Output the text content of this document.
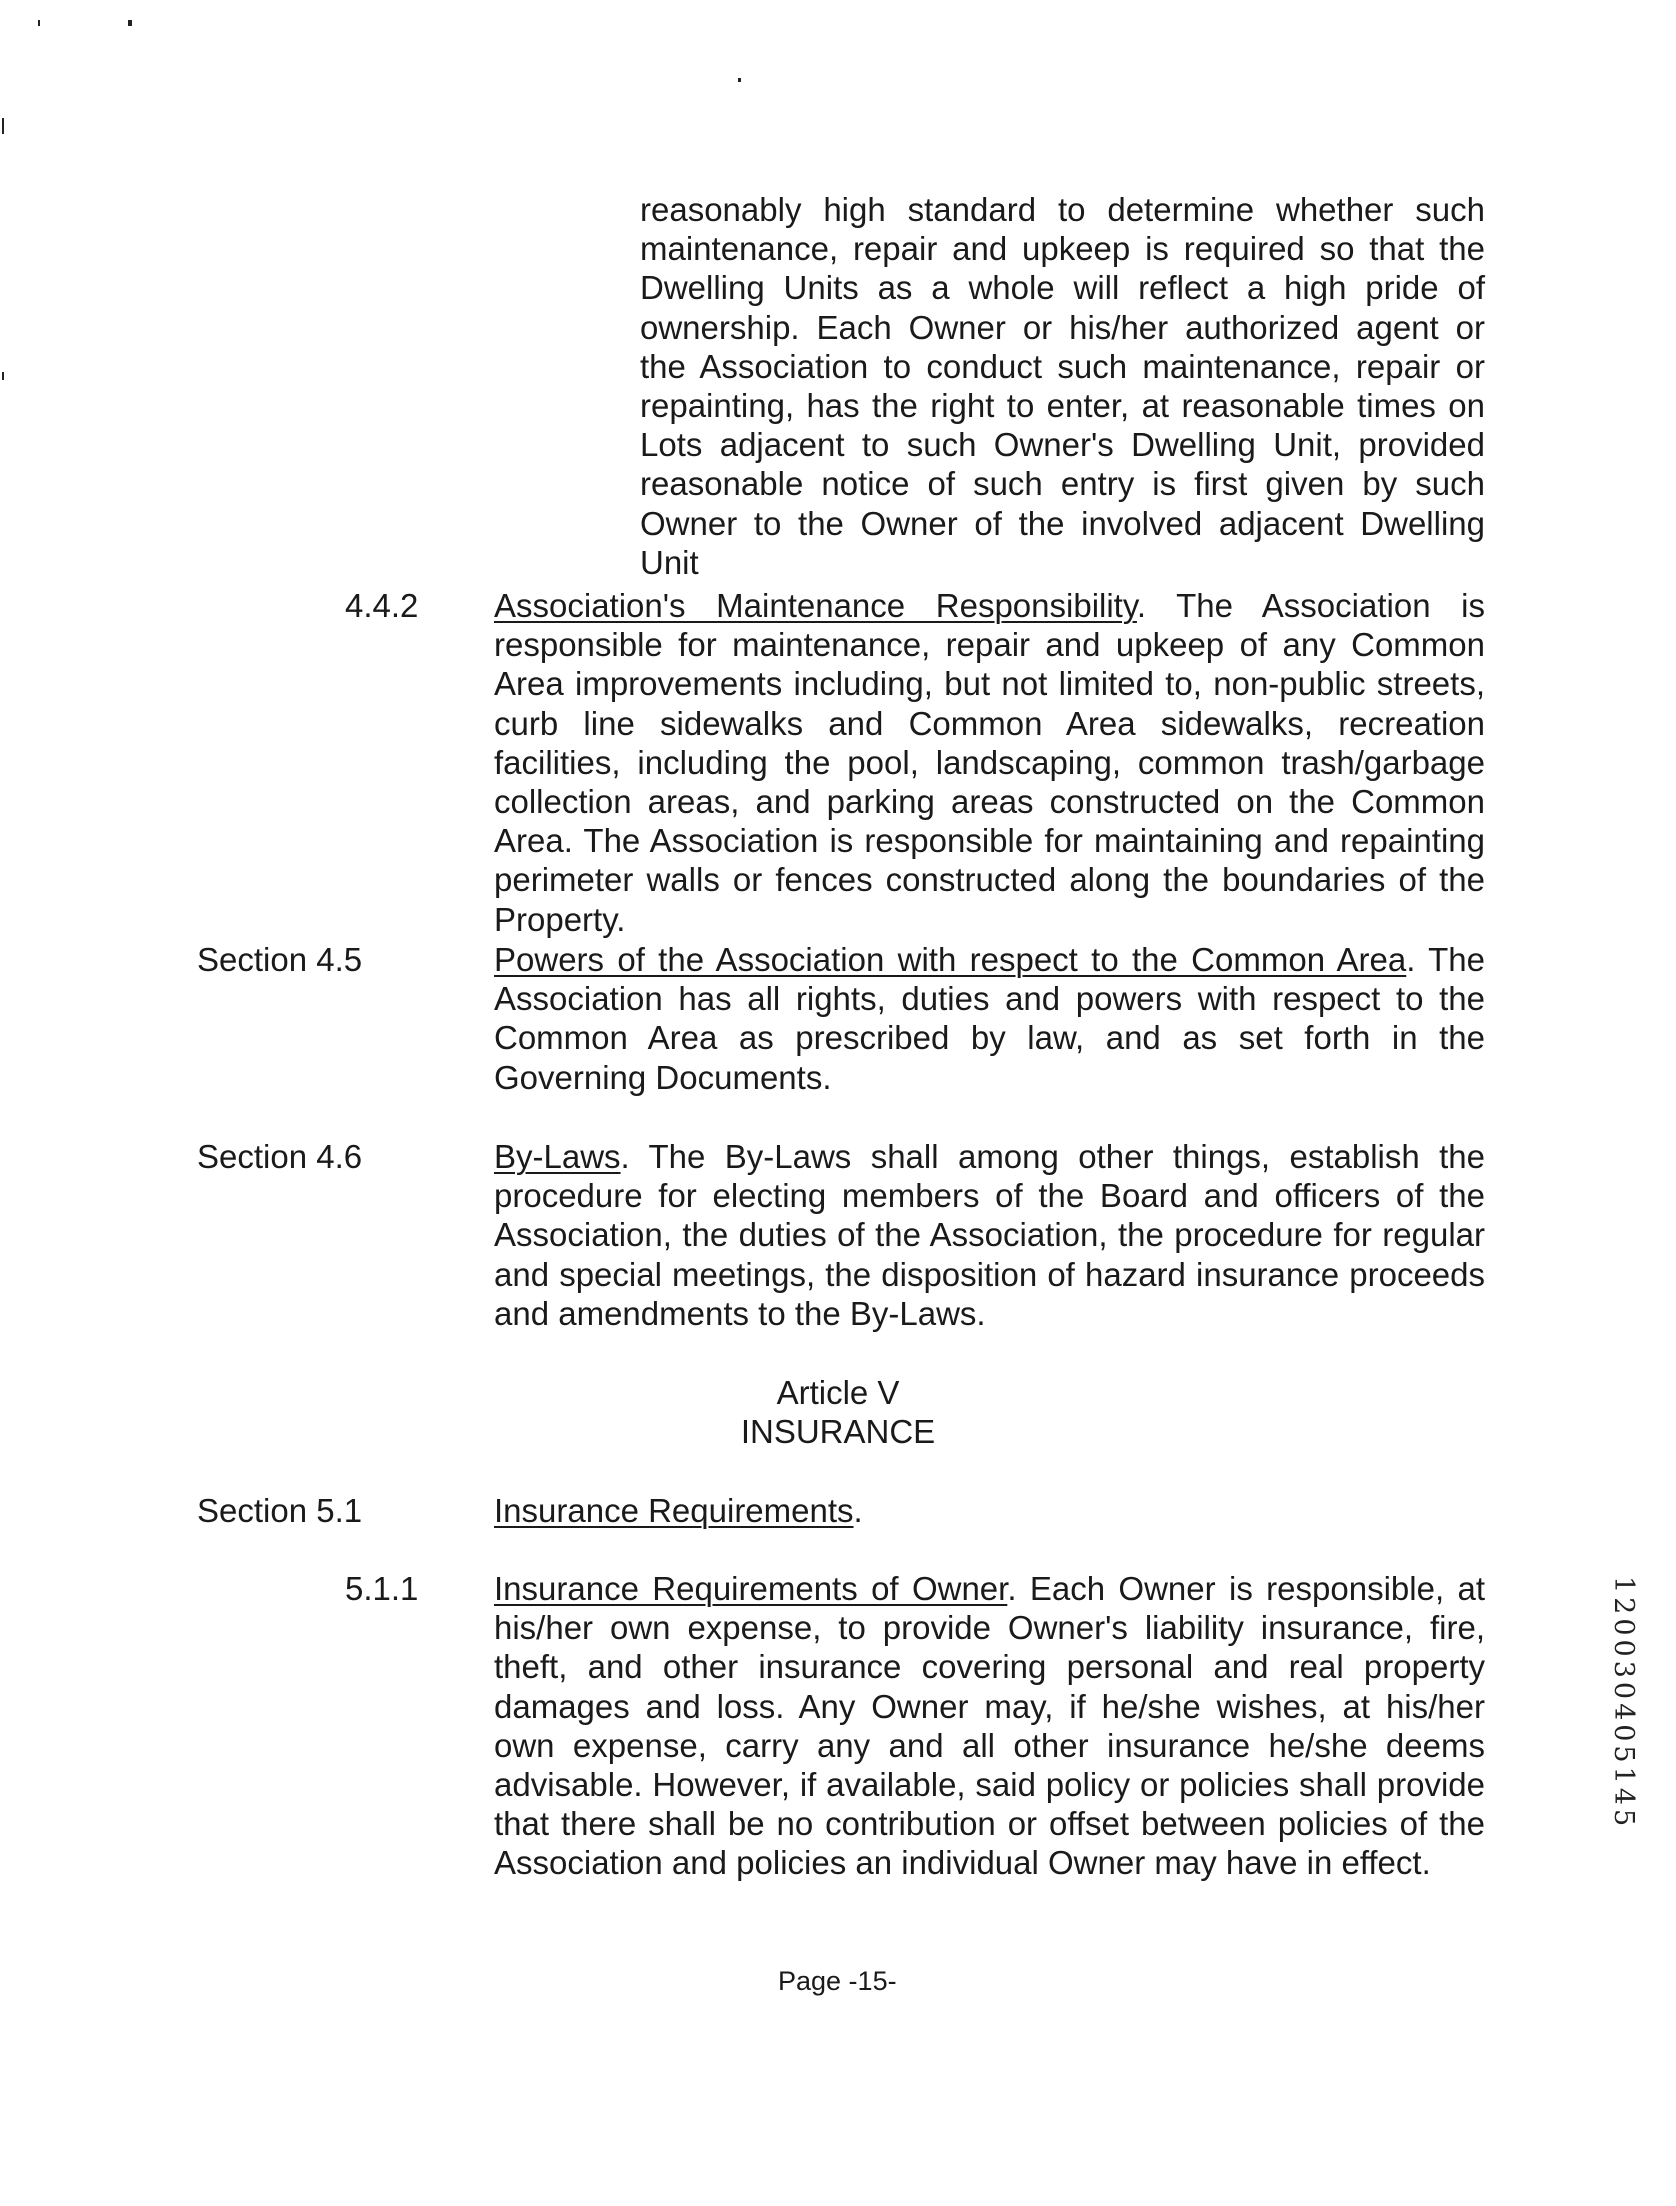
reasonably high standard to determine whether such maintenance, repair and upkeep is required so that the Dwelling Units as a whole will reflect a high pride of ownership. Each Owner or his/her authorized agent or the Association to conduct such maintenance, repair or repainting, has the right to enter, at reasonable times on Lots adjacent to such Owner's Dwelling Unit, provided reasonable notice of such entry is first given by such Owner to the Owner of the involved adjacent Dwelling Unit

4.4.2 Association's Maintenance Responsibility. The Association is responsible for maintenance, repair and upkeep of any Common Area improvements including, but not limited to, non-public streets, curb line sidewalks and Common Area sidewalks, recreation facilities, including the pool, landscaping, common trash/garbage collection areas, and parking areas constructed on the Common Area. The Association is responsible for maintaining and repainting perimeter walls or fences constructed along the boundaries of the Property.

Section 4.5	Powers of the Association with respect to the Common Area. The Association has all rights, duties and powers with respect to the Common Area as prescribed by law, and as set forth in the Governing Documents.

Section 4.6	By-Laws. The By-Laws shall among other things, establish the procedure for electing members of the Board and officers of the Association, the duties of the Association, the procedure for regular and special meetings, the disposition of hazard insurance proceeds and amendments to the By-Laws.

Article V

INSURANCE

Section 5.1	Insurance Requirements.

5.1.1 Insurance Requirements of Owner. Each Owner is responsible, at his/her own expense, to provide Owner's liability insurance, fire, theft, and other insurance covering personal and real property damages and loss. Any Owner may, if he/she wishes, at his/her own expense, carry any and all other insurance he/she deems advisable. However, if available, said policy or policies shall provide that there shall be no contribution or offset between policies of the Association and policies an individual Owner may have in effect.

120030405145

Page -15-
